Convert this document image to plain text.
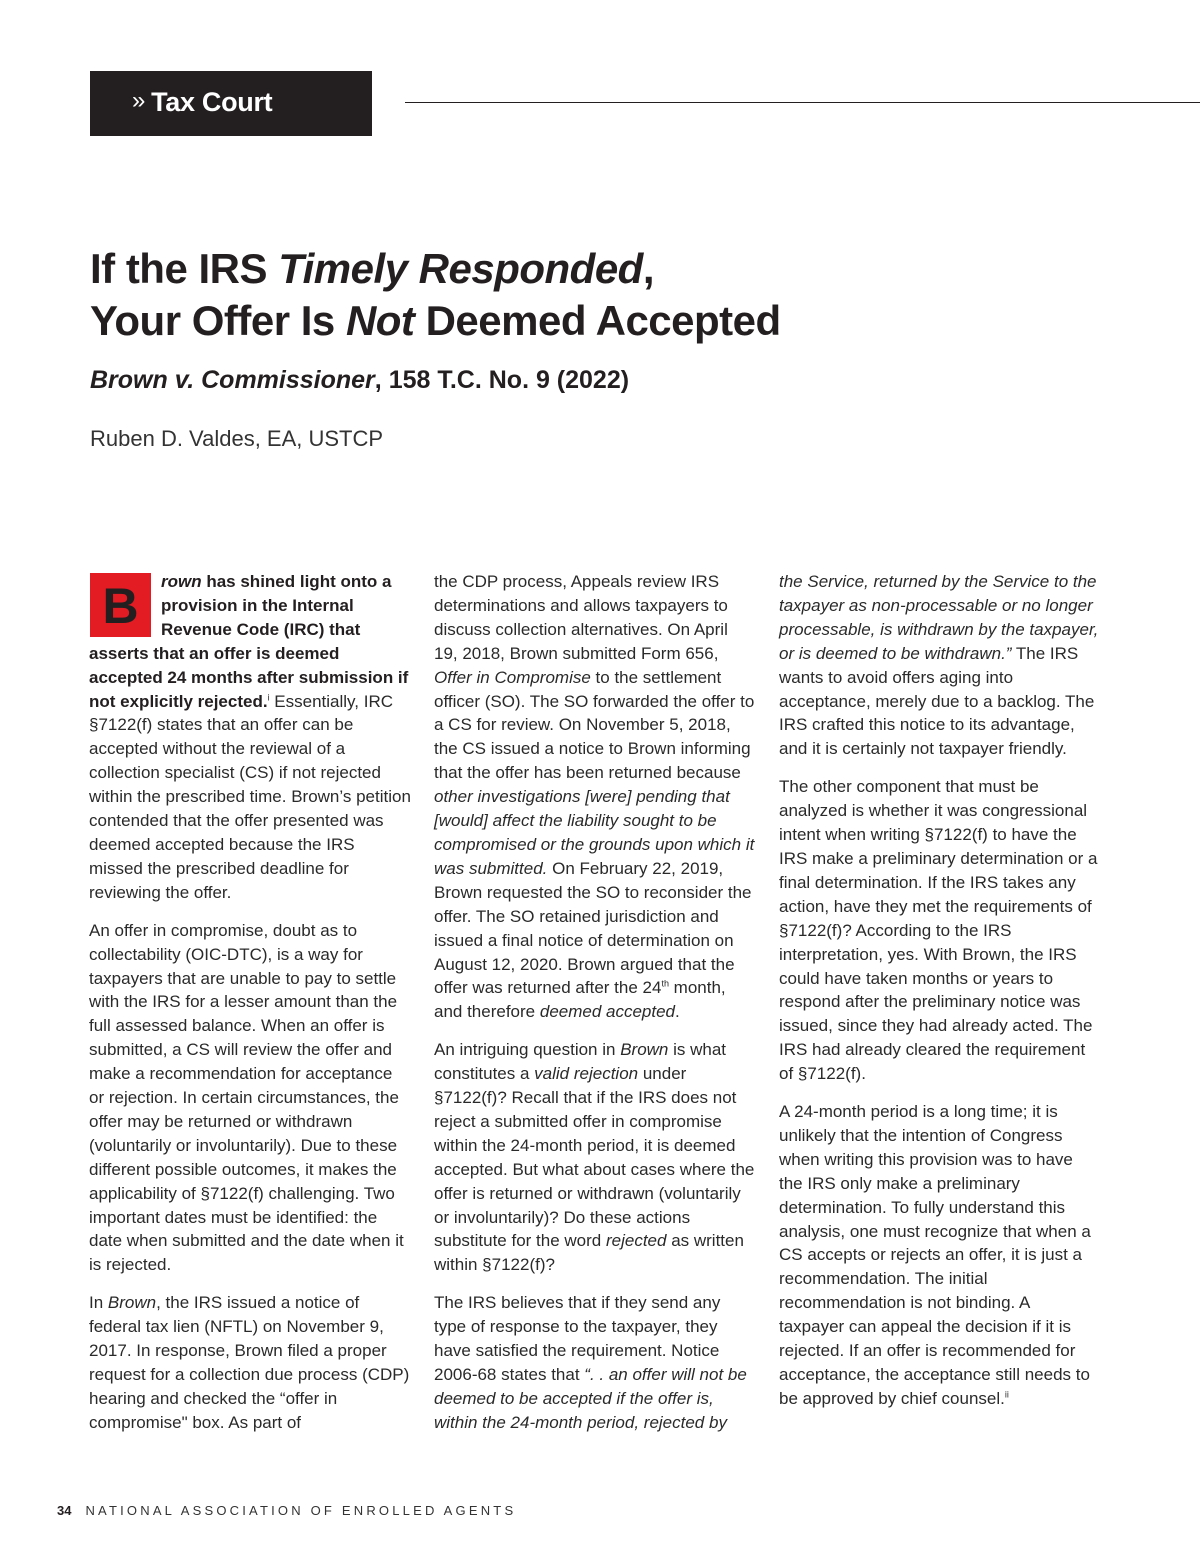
» Tax Court
If the IRS Timely Responded,
Your Offer Is Not Deemed Accepted
Brown v. Commissioner, 158 T.C. No. 9 (2022)

Ruben D. Valdes, EA, USTCP

B	rown has shined light onto a provision in the Internal Revenue Code (IRC) that asserts that an offer is deemed accepted 24 months after submission if not explicitly rejected.$^i$ Essentially, IRC §7122(f) states that an offer can be accepted without the reviewal of a collection specialist (CS) if not rejected within the prescribed time. Brown’s petition contended that the offer presented was deemed accepted because the IRS missed the prescribed deadline for reviewing the offer.

An offer in compromise, doubt as to collectability (OIC-DTC), is a way for taxpayers that are unable to pay to settle with the IRS for a lesser amount than the full assessed balance. When an offer is submitted, a CS will review the offer and make a recommendation for acceptance or rejection. In certain circumstances, the offer may be returned or withdrawn (voluntarily or involuntarily). Due to these different possible outcomes, it makes the applicability of §7122(f) challenging. Two important dates must be identified: the date when submitted and the date when it is rejected.

In Brown, the IRS issued a notice of federal tax lien (NFTL) on November 9, 2017. In response, Brown filed a proper request for a collection due process (CDP) hearing and checked the “offer in compromise" box. As part of

the CDP process, Appeals review IRS determinations and allows taxpayers to discuss collection alternatives. On April 19, 2018, Brown submitted Form 656, Offer in Compromise to the settlement officer (SO). The SO forwarded the offer to a CS for review. On November 5, 2018, the CS issued a notice to Brown informing that the offer has been returned because other investigations [were] pending that [would] affect the liability sought to be compromised or the grounds upon which it was submitted. On February 22, 2019, Brown requested the SO to reconsider the offer. The SO retained jurisdiction and issued a final notice of determination on August 12, 2020. Brown argued that the offer was returned after the 24th month, and therefore deemed accepted.

An intriguing question in Brown is what constitutes a valid rejection under §7122(f)? Recall that if the IRS does not reject a submitted offer in compromise within the 24-month period, it is deemed accepted. But what about cases where the offer is returned or withdrawn (voluntarily or involuntarily)? Do these actions substitute for the word rejected as written within §7122(f)?

The IRS believes that if they send any type of response to the taxpayer, they have satisfied the requirement. Notice 2006-68 states that “. . an offer will not be deemed to be accepted if the offer is, within the 24-month period, rejected by

the Service, returned by the Service to the taxpayer as non-processable or no longer processable, is withdrawn by the taxpayer, or is deemed to be withdrawn.” The IRS wants to avoid offers aging into acceptance, merely due to a backlog. The IRS crafted this notice to its advantage, and it is certainly not taxpayer friendly.

The other component that must be analyzed is whether it was congressional intent when writing §7122(f) to have the IRS make a preliminary determination or a final determination. If the IRS takes any action, have they met the requirements of §7122(f)? According to the IRS interpretation, yes. With Brown, the IRS could have taken months or years to respond after the preliminary notice was issued, since they had already acted. The IRS had already cleared the requirement of §7122(f).

A 24-month period is a long time; it is unlikely that the intention of Congress when writing this provision was to have the IRS only make a preliminary determination. To fully understand this analysis, one must recognize that when a CS accepts or rejects an offer, it is just a recommendation. The initial recommendation is not binding. A taxpayer can appeal the decision if it is rejected. If an offer is recommended for acceptance, the acceptance still needs to be approved by chief counsel.$^{ii}$

34 NATIONAL ASSOCIATION OF ENROLLED AGENTS
